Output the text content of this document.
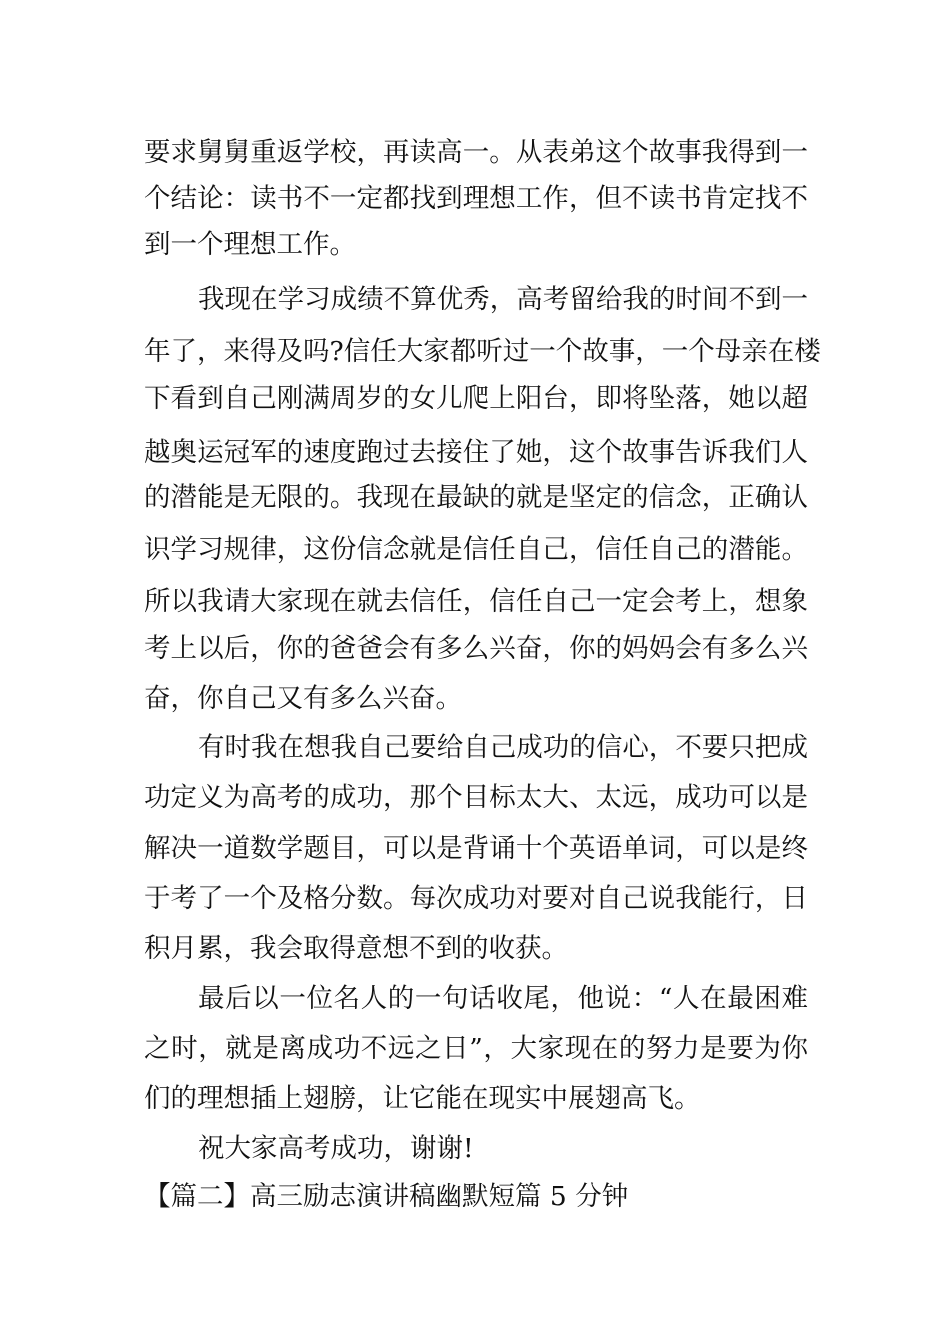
要求舅舅重返学校，再读高一。从表弟这个故事我得到一
个结论：读书不一定都找到理想工作，但不读书肯定找不
到一个理想工作。
我现在学习成绩不算优秀，高考留给我的时间不到一
年了，来得及吗?信任大家都听过一个故事，一个母亲在楼
下看到自己刚满周岁的女儿爬上阳台，即将坠落，她以超
越奥运冠军的速度跑过去接住了她，这个故事告诉我们人
的潜能是无限的。我现在最缺的就是坚定的信念，正确认
识学习规律，这份信念就是信任自己，信任自己的潜能。
所以我请大家现在就去信任，信任自己一定会考上，想象
考上以后，你的爸爸会有多么兴奋，你的妈妈会有多么兴
奋，你自己又有多么兴奋。
有时我在想我自己要给自己成功的信心，不要只把成
功定义为高考的成功，那个目标太大、太远，成功可以是
解决一道数学题目，可以是背诵十个英语单词，可以是终
于考了一个及格分数。每次成功对要对自己说我能行，日
积月累，我会取得意想不到的收获。
最后以一位名人的一句话收尾，他说：“人在最困难
之时，就是离成功不远之日”，大家现在的努力是要为你
们的理想插上翅膀，让它能在现实中展翅高飞。
祝大家高考成功，谢谢!
【篇二】高三励志演讲稿幽默短篇 5 分钟
